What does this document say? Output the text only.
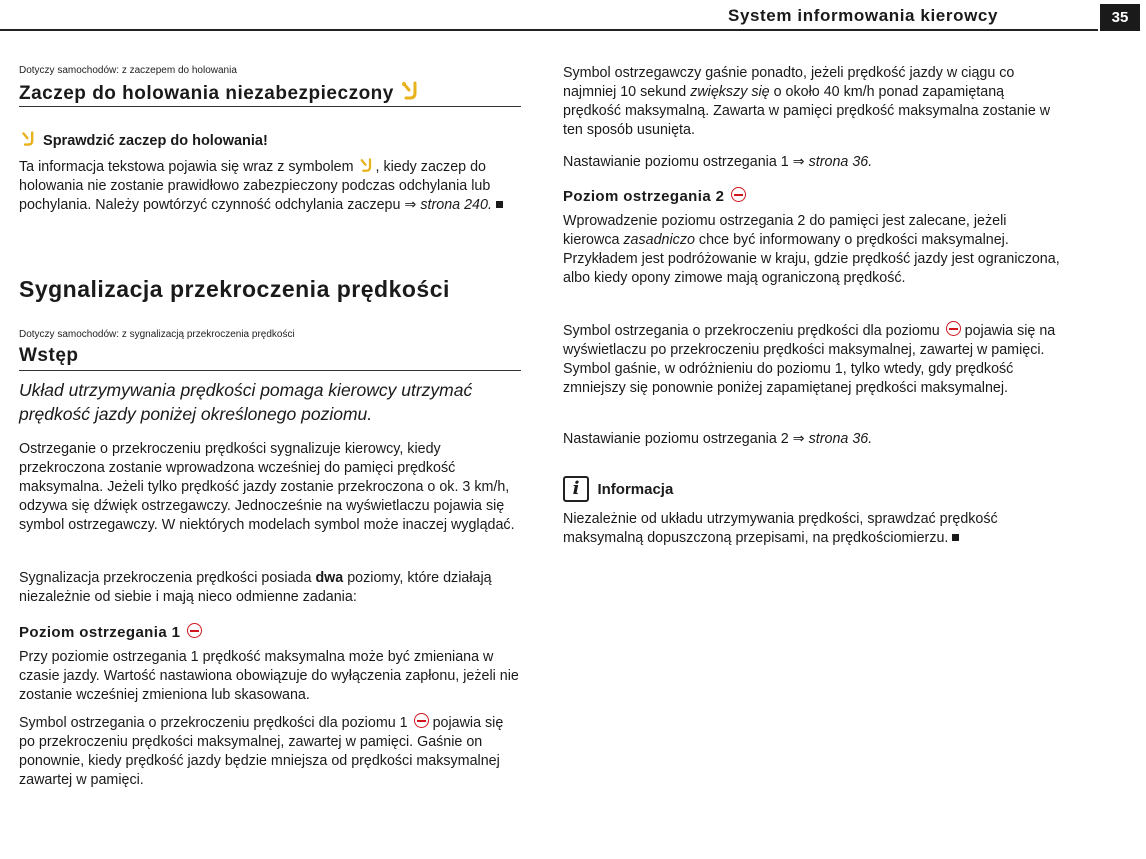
System informowania kierowcy	35
Dotyczy samochodów: z zaczepem do holowania
Zaczep do holowania niezabezpieczony
Sprawdzić zaczep do holowania!

Ta informacja tekstowa pojawia się wraz z symbolem , kiedy zaczep do holowania nie zostanie prawidłowo zabezpieczony podczas odchylania lub pochylania. Należy powtórzyć czynność odchylania zaczepu ⇒ strona 240.

Sygnalizacja przekroczenia prędkości
Dotyczy samochodów: z sygnalizacją przekroczenia prędkości
Wstęp
Układ utrzymywania prędkości pomaga kierowcy utrzymać prędkość jazdy poniżej określonego poziomu.

Ostrzeganie o przekroczeniu prędkości sygnalizuje kierowcy, kiedy przekroczona zostanie wprowadzona wcześniej do pamięci prędkość maksymalna. Jeżeli tylko prędkość jazdy zostanie przekroczona o ok. 3 km/h, odzywa się dźwięk ostrzegawczy. Jednocześnie na wyświetlaczu pojawia się symbol ostrzegawczy. W niektórych modelach symbol może inaczej wyglądać.

Sygnalizacja przekroczenia prędkości posiada dwa poziomy, które działają niezależnie od siebie i mają nieco odmienne zadania:

Poziom ostrzegania 1

Przy poziomie ostrzegania 1 prędkość maksymalna może być zmieniana w czasie jazdy. Wartość nastawiona obowiązuje do wyłączenia zapłonu, jeżeli nie zostanie wcześniej zmieniona lub skasowana.

Symbol ostrzegania o przekroczeniu prędkości dla poziomu 1 pojawia się po przekroczeniu prędkości maksymalnej, zawartej w pamięci. Gaśnie on ponownie, kiedy prędkość jazdy będzie mniejsza od prędkości maksymalnej zawartej w pamięci.

Symbol ostrzegawczy gaśnie ponadto, jeżeli prędkość jazdy w ciągu co najmniej 10 sekund zwiększy się o około 40 km/h ponad zapamiętaną prędkość maksymalną. Zawarta w pamięci prędkość maksymalna zostanie w ten sposób usunięta.

Nastawianie poziomu ostrzegania 1 ⇒ strona 36.

Poziom ostrzegania 2

Wprowadzenie poziomu ostrzegania 2 do pamięci jest zalecane, jeżeli kierowca zasadniczo chce być informowany o prędkości maksymalnej. Przykładem jest podróżowanie w kraju, gdzie prędkość jazdy jest ograniczona, albo kiedy opony zimowe mają ograniczoną prędkość.

Symbol ostrzegania o przekroczeniu prędkości dla poziomu pojawia się na wyświetlaczu po przekroczeniu prędkości maksymalnej, zawartej w pamięci. Symbol gaśnie, w odróżnieniu do poziomu 1, tylko wtedy, gdy prędkość zmniejszy się ponownie poniżej zapamiętanej prędkości maksymalnej.

Nastawianie poziomu ostrzegania 2 ⇒ strona 36.

i Informacja

Niezależnie od układu utrzymywania prędkości, sprawdzać prędkość maksymalną dopuszczoną przepisami, na prędkościomierzu.
